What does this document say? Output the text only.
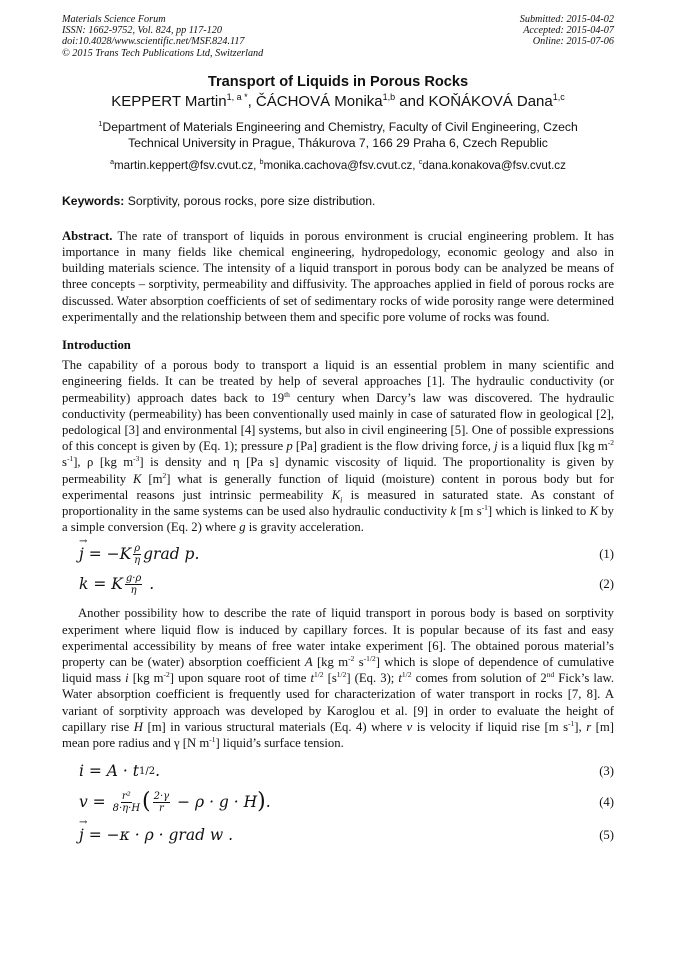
Materials Science Forum
ISSN: 1662-9752, Vol. 824, pp 117-120
doi:10.4028/www.scientific.net/MSF.824.117
© 2015 Trans Tech Publications Ltd, Switzerland
Submitted: 2015-04-02
Accepted: 2015-04-07
Online: 2015-07-06
Transport of Liquids in Porous Rocks
KEPPERT Martin$^{1, a *}$, ČÁCHOVÁ Monika$^{1,b}$ and KOŇÁKOVÁ Dana$^{1,c}$
$^1$Department of Materials Engineering and Chemistry, Faculty of Civil Engineering, Czech
Technical University in Prague, Thákurova 7, 166 29 Praha 6, Czech Republic
$^a$martin.keppert@fsv.cvut.cz, $^b$monika.cachova@fsv.cvut.cz, $^c$dana.konakova@fsv.cvut.cz
Keywords: Sorptivity, porous rocks, pore size distribution.
Abstract. The rate of transport of liquids in porous environment is crucial engineering problem. It has importance in many fields like chemical engineering, hydropedology, economic geology and also in building materials science. The intensity of a liquid transport in porous body can be analyzed be means of three concepts – sorptivity, permeability and diffusivity. The approaches applied in field of porous rocks are discussed. Water absorption coefficients of set of sedimentary rocks of wide porosity range were determined experimentally and the relationship between them and specific pore volume of rocks was found.
Introduction

The capability of a porous body to transport a liquid is an essential problem in many scientific and engineering fields. It can be treated by help of several approaches [1]. The hydraulic conductivity (or permeability) approach dates back to 19th century when Darcy’s law was discovered. The hydraulic conductivity (permeability) has been conventionally used mainly in case of saturated flow in geological [2], pedological [3] and environmental [4] systems, but also in civil engineering [5]. One of possible expressions of this concept is given by (Eq. 1); pressure p [Pa] gradient is the flow driving force, j is a liquid flux [kg $m^{-2}$ $s^{-1}$], ρ [kg $m^{-3}$] is density and η [Pa s] dynamic viscosity of liquid. The proportionality is given by permeability K $[m^2]$ what is generally function of liquid (moisture) content in porous body but for experimental reasons just intrinsic permeability $K_i$ is measured in saturated state. As constant of proportionality in the same systems can be used also hydraulic conductivity k [m $s^{-1}$] which is linked to K by a simple conversion (Eq. 2) where g is gravity acceleration.

→ j
= $-K \frac{\rho}{\eta}$ grad p.	(1)
k = K $\frac{g\cdot\rho}{\eta}$
.	(2)

Another possibility how to describe the rate of liquid transport in porous body is based on sorptivity experiment where liquid flow is induced by capillary forces. It is popular because of its fast and easy experimental accessibility by means of free water intake experiment [6]. The obtained porous material’s property can be (water) absorption coefficient A [kg $m^{-2}$ $s^{-1/2}$] which is slope of dependence of cumulative liquid mass i [kg $m^{-2}$] upon square root of time $t^{1/2}$ $[s^{1/2}]$ (Eq. 3); $t^{1/2}$ comes from solution of 2nd Fick’s law. Water absorption coefficient is frequently used for characterization of water transport in rocks [7, 8]. A variant of sorptivity approach was developed by Karoglou et al. [9] in order to evaluate the height of capillary rise H [m] in various structural materials (Eq. 4) where v is velocity if liquid rise [m $s^{-1}$], r [m] mean pore radius and γ [N $m^{-1}$] liquid’s surface tension.

i = A · t 1/2 .	(3)
v =
$\frac{\text{r²}}{8\cdot\eta\cdot H}$ ( $\frac{2\cdot\gamma}{r}$
− ρ · g · H ) .	(4)
→ j
= −κ · ρ · grad w .	(5)
